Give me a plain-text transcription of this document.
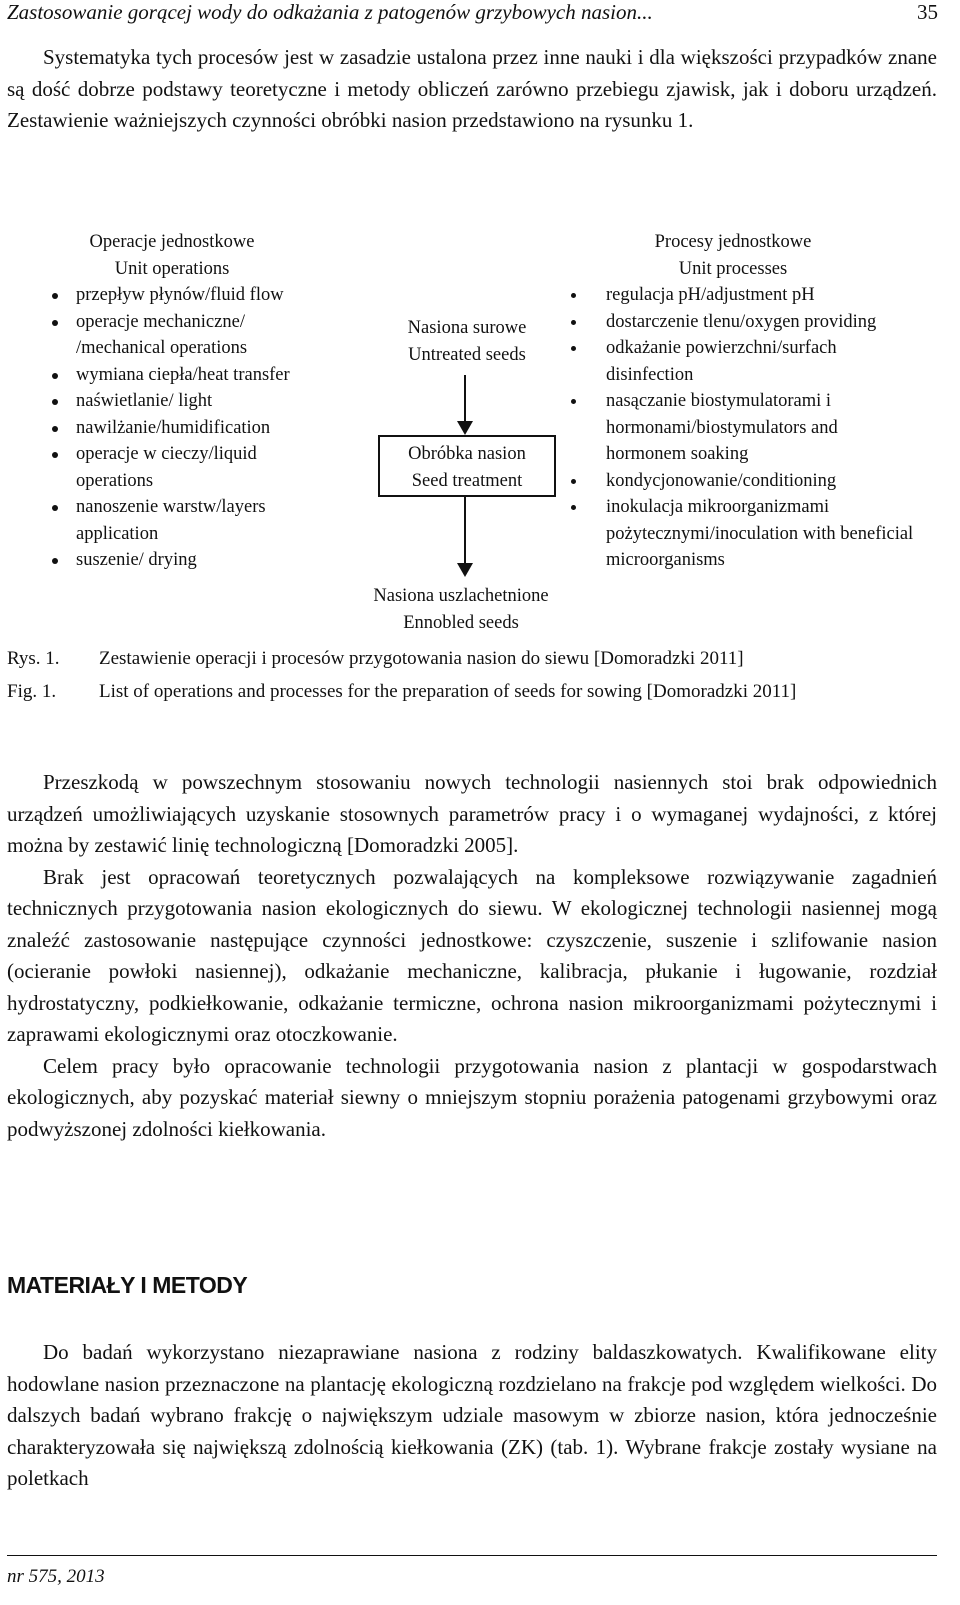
Zastosowanie gorącej wody do odkażania z patogenów grzybowych nasion...	35

Systematyka tych procesów jest w zasadzie ustalona przez inne nauki i dla większości przypadków znane są dość dobrze podstawy teoretyczne i metody obliczeń zarówno przebiegu zjawisk, jak i doboru urządzeń. Zestawienie ważniejszych czynności obróbki nasion przedstawiono na rysunku 1.

Operacje jednostkowe
Unit operations
przepływ płynów/fluid flow
operacje mechaniczne/ /mechanical operations
wymiana ciepła/heat transfer
naświetlanie/ light
nawilżanie/humidification
operacje w cieczy/liquid operations
nanoszenie warstw/layers application
suszenie/ drying
Nasiona surowe
Untreated seeds
Obróbka nasion
Seed treatment
Nasiona uszlachetnione
Ennobled seeds
Procesy jednostkowe
Unit processes
regulacja pH/adjustment pH
dostarczenie tlenu/oxygen providing
odkażanie powierzchni/surfach disinfection
nasączanie biostymulatorami i hormonami/biostymulators and hormonem soaking
kondycjonowanie/conditioning
inokulacja mikroorganizmami pożytecznymi/inoculation with beneficial microorganisms
Rys. 1. Zestawienie operacji i procesów przygotowania nasion do siewu [Domoradzki 2011]
Fig. 1. List of operations and processes for the preparation of seeds for sowing [Domoradzki 2011]

Przeszkodą w powszechnym stosowaniu nowych technologii nasiennych stoi brak odpowiednich urządzeń umożliwiających uzyskanie stosownych parametrów pracy i o wymaganej wydajności, z której można by zestawić linię technologiczną [Domoradzki 2005].

Brak jest opracowań teoretycznych pozwalających na kompleksowe rozwiązywanie zagadnień technicznych przygotowania nasion ekologicznych do siewu. W ekologicznej technologii nasiennej mogą znaleźć zastosowanie następujące czynności jednostkowe: czyszczenie, suszenie i szlifowanie nasion (ocieranie powłoki nasiennej), odkażanie mechaniczne, kalibracja, płukanie i ługowanie, rozdział hydrostatyczny, podkiełkowanie, odkażanie termiczne, ochrona nasion mikroorganizmami pożytecznymi i zaprawami ekologicznymi oraz otoczkowanie.

Celem pracy było opracowanie technologii przygotowania nasion z plantacji w gospodarstwach ekologicznych, aby pozyskać materiał siewny o mniejszym stopniu porażenia patogenami grzybowymi oraz podwyższonej zdolności kiełkowania.

MATERIAŁY I METODY

Do badań wykorzystano niezaprawiane nasiona z rodziny baldaszkowatych. Kwalifikowane elity hodowlane nasion przeznaczone na plantację ekologiczną rozdzielano na frakcje pod względem wielkości. Do dalszych badań wybrano frakcję o największym udziale masowym w zbiorze nasion, która jednocześnie charakteryzowała się największą zdolnością kiełkowania (ZK) (tab. 1). Wybrane frakcje zostały wysiane na poletkach

nr 575, 2013
